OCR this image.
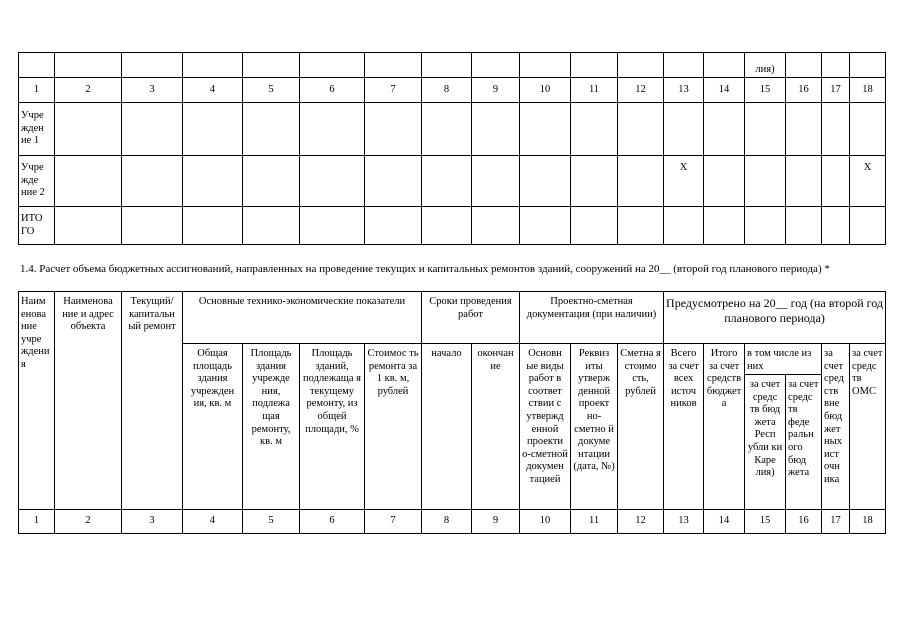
														лия)			
1	2	3	4	5	6	7	8	9	10	11	12	13	14	15	16	17	18
Учре жден ие 1																	
Учре ждe ние 2												Х					Х
ИТО ГО																	
1.4. Расчет объема бюджетных ассигнований, направленных на проведение текущих и капитальных ремонтов зданий, сооружений на 20__ (второй год планового периода) *
Наим енова ние учре ждения	Наименова ние и адрес объекта	Текущий/ капитальн ый ремонт	Основные технико-экономические показатели				Сроки проведения работ		Проектно-сметная документация (при наличии)			Предусмотрено на 20__ год (на второй год планового периода)					
			Общая площадь здания учрежден ия, кв. м	Площадь здания учрежде ния, подлежа щая ремонту, кв. м	Площадь зданий, подлежаща я текущему ремонту, из общей площади, %	Стоимос ть ремонта за 1 кв. м, рублей	начало	окончан ие	Основн ые виды работ в соответ ствии с утвержд енной проекти о-сметной докумен тацией	Реквиз иты утверж денной проект но-сметно й докуме нтации (дата, №)	Сметна я стоимо сть, рублей	Всего за счет всех источ ников	Итого за счет средств бюджета	в том числе из них		за счет сред ств вне бюд жет ных ист очн ика	за счет средс тв ОМС
														за счет средс тв бюд жета Респ убли ки Каре лия)	за счет средс тв феде ральн ого бюд жета		

1	2	3	4	5	6	7	8	9	10	11	12	13	14	15	16	17	18
